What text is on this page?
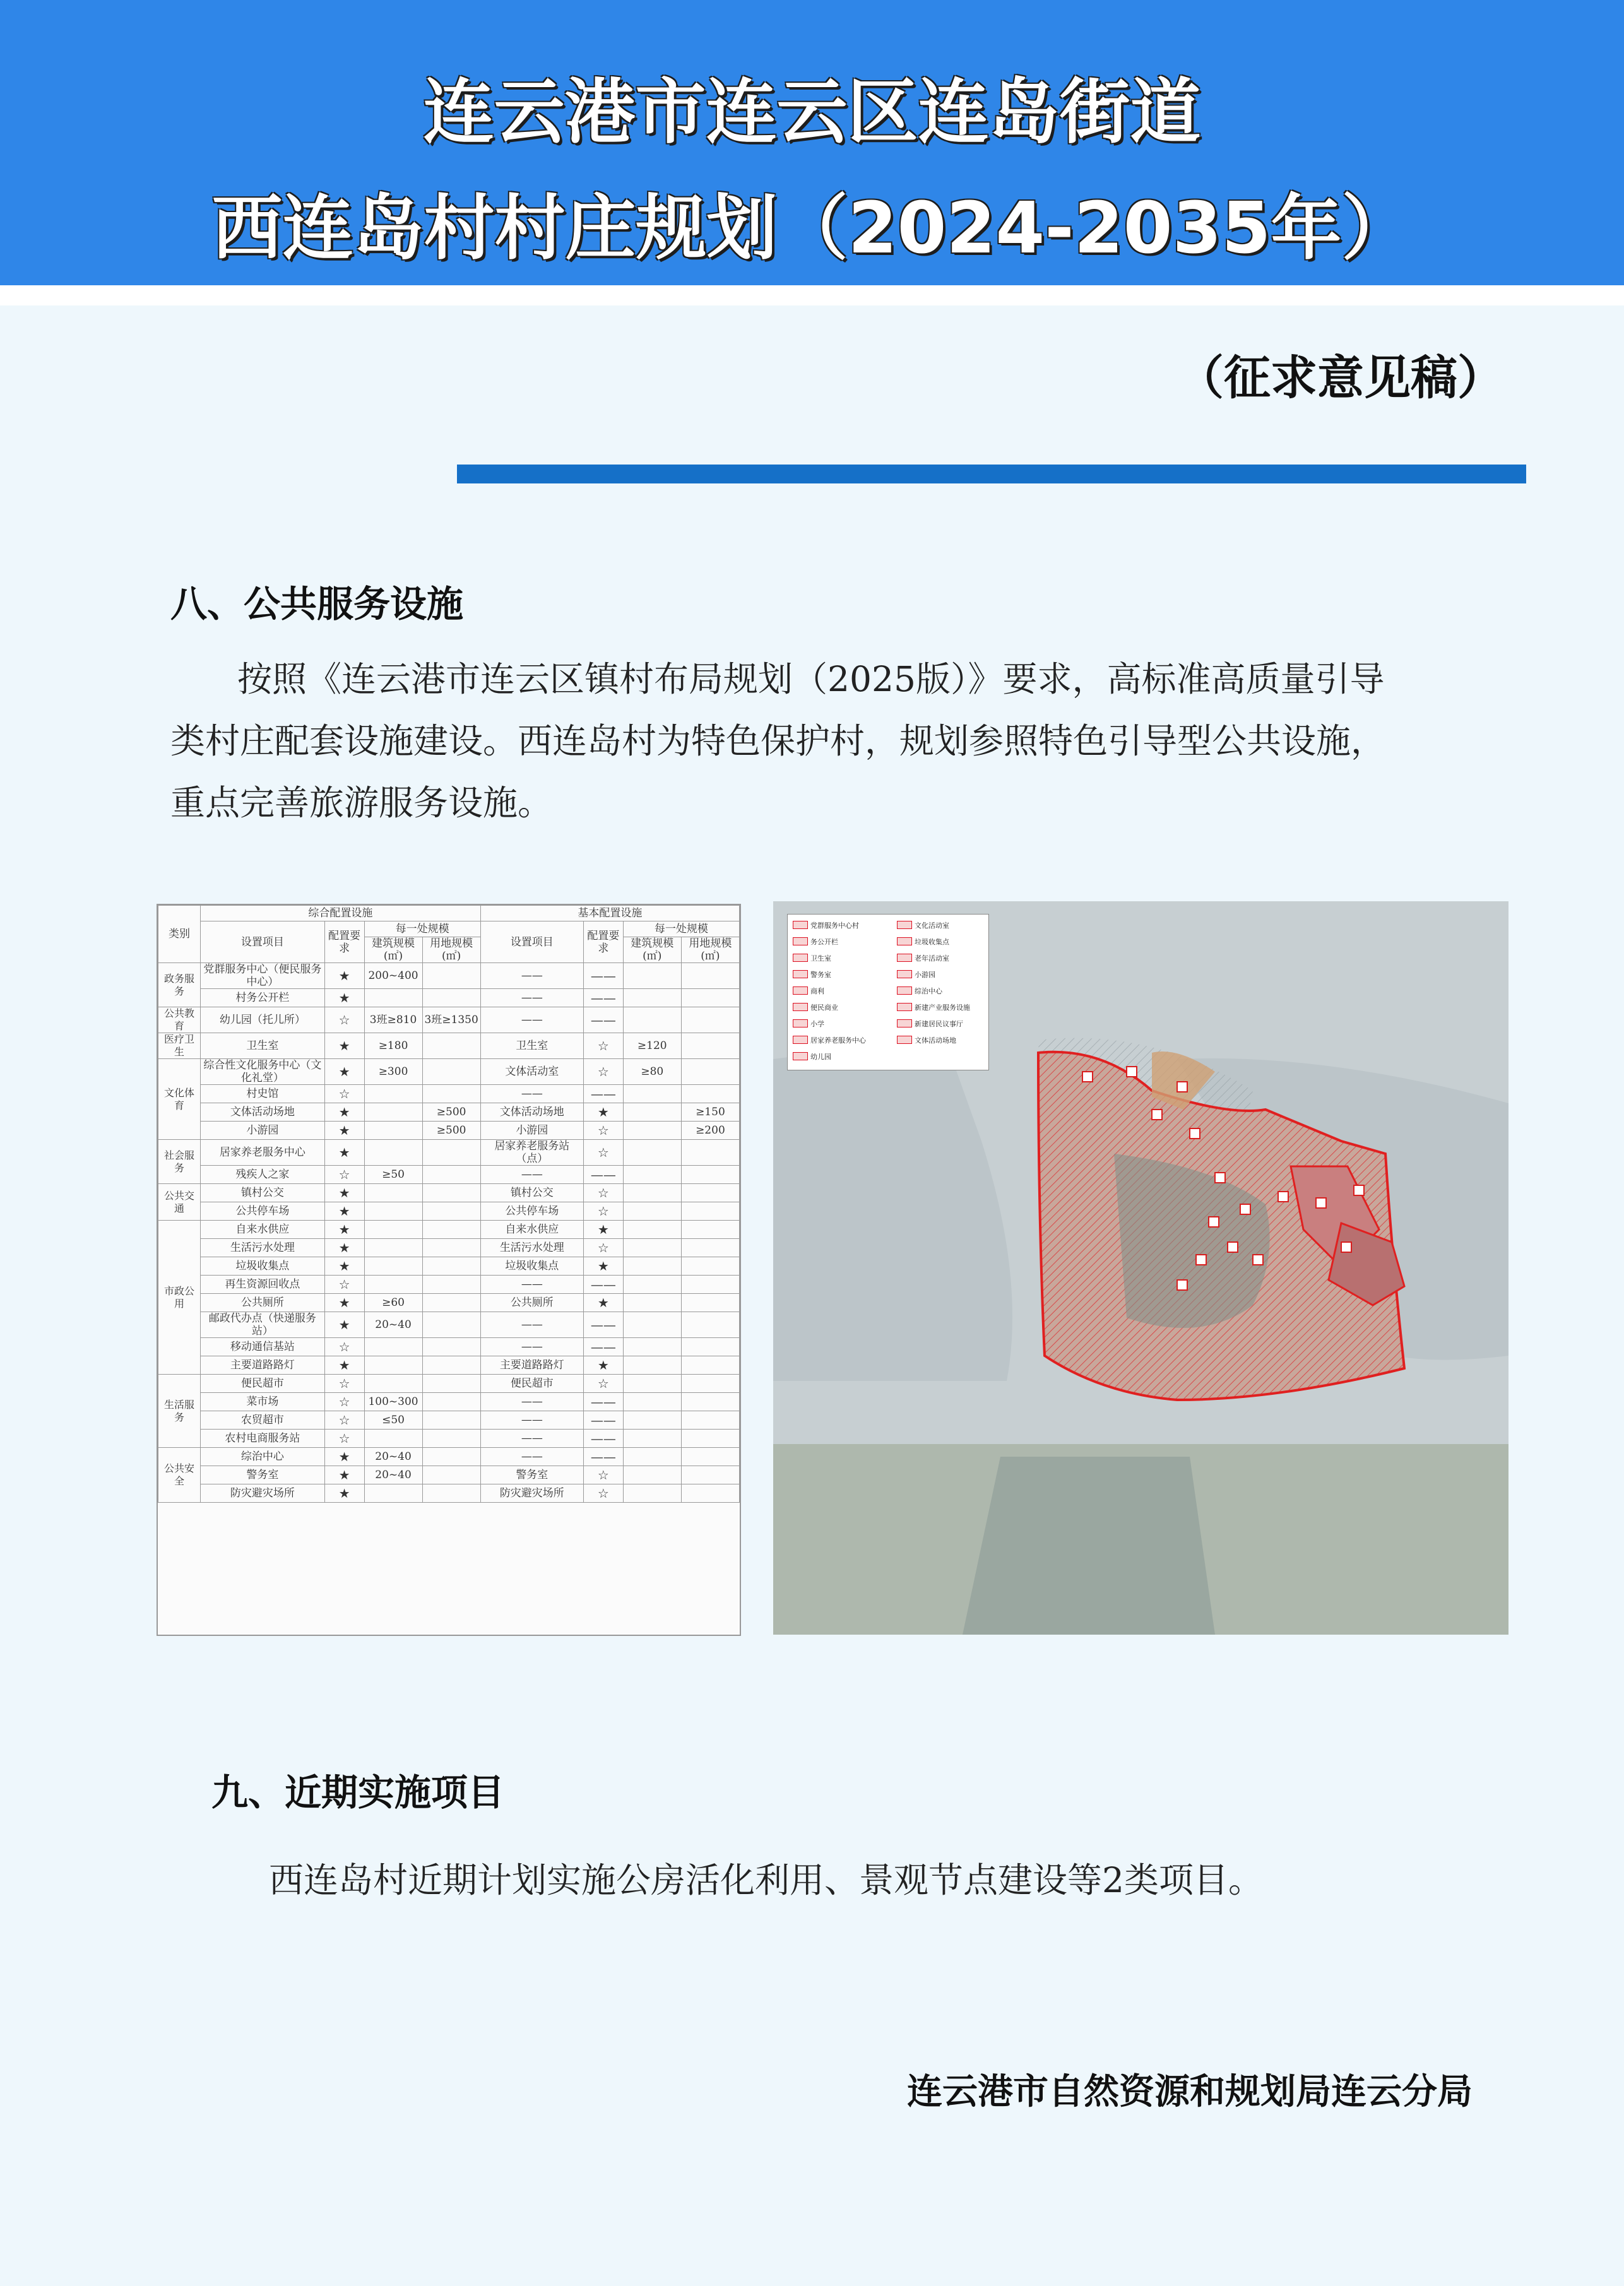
连云港市连云区连岛街道
西连岛村村庄规划（2024-2035年）
（征求意见稿）
八、公共服务设施
按照《连云港市连云区镇村布局规划（2025版）》要求，高标准高质量引导
类村庄配套设施建设。西连岛村为特色保护村，规划参照特色引导型公共设施，
重点完善旅游服务设施。
类别	综合配置设施				基本配置设施			
	设置项目	配置要求	每一处规模		设置项目	配置要求	每一处规模	
			建筑规模(㎡)	用地规模(㎡)			建筑规模(㎡)	用地规模(㎡)
政务服务	党群服务中心（便民服务中心）	★	200~400		——	——		
	村务公开栏	★			——	——		
公共教育	幼儿园（托儿所）	☆	3班≥810	3班≥1350	——	——		
医疗卫生	卫生室	★	≥180		卫生室	☆	≥120	
文化体育	综合性文化服务中心（文化礼堂）	★	≥300		文体活动室	☆	≥80	
	村史馆	☆			——	——		
	文体活动场地	★		≥500	文体活动场地	★		≥150
	小游园	★		≥500	小游园	☆		≥200
社会服务	居家养老服务中心	★			居家养老服务站（点）	☆		
	残疾人之家	☆	≥50		——	——		
公共交通	镇村公交	★			镇村公交	☆		
	公共停车场	★			公共停车场	☆		
市政公用	自来水供应	★			自来水供应	★		
	生活污水处理	★			生活污水处理	☆		
	垃圾收集点	★			垃圾收集点	★		
	再生资源回收点	☆			——	——		
	公共厕所	★	≥60		公共厕所	★		
	邮政代办点（快递服务站）	★	20~40		——	——		
	移动通信基站	☆			——	——		
	主要道路路灯	★			主要道路路灯	★		
生活服务	便民超市	☆			便民超市	☆		
	菜市场	☆	100~300		——	——		
	农贸超市	☆	≤50		——	——		
	农村电商服务站	☆			——	——		
公共安全	综治中心	★	20~40		——	——		
	警务室	★	20~40		警务室	☆		
	防灾避灾场所	★			防灾避灾场所	☆		
党群服务中心村	文化活动室
务公开栏	垃圾收集点
卫生室	老年活动室
警务室	小游园
商利	综治中心
便民商业	新建产业服务设施
小学	新建居民议事厅
居家养老服务中心	文体活动场地
幼儿园
九、近期实施项目
西连岛村近期计划实施公房活化利用、景观节点建设等2类项目。
连云港市自然资源和规划局连云分局
